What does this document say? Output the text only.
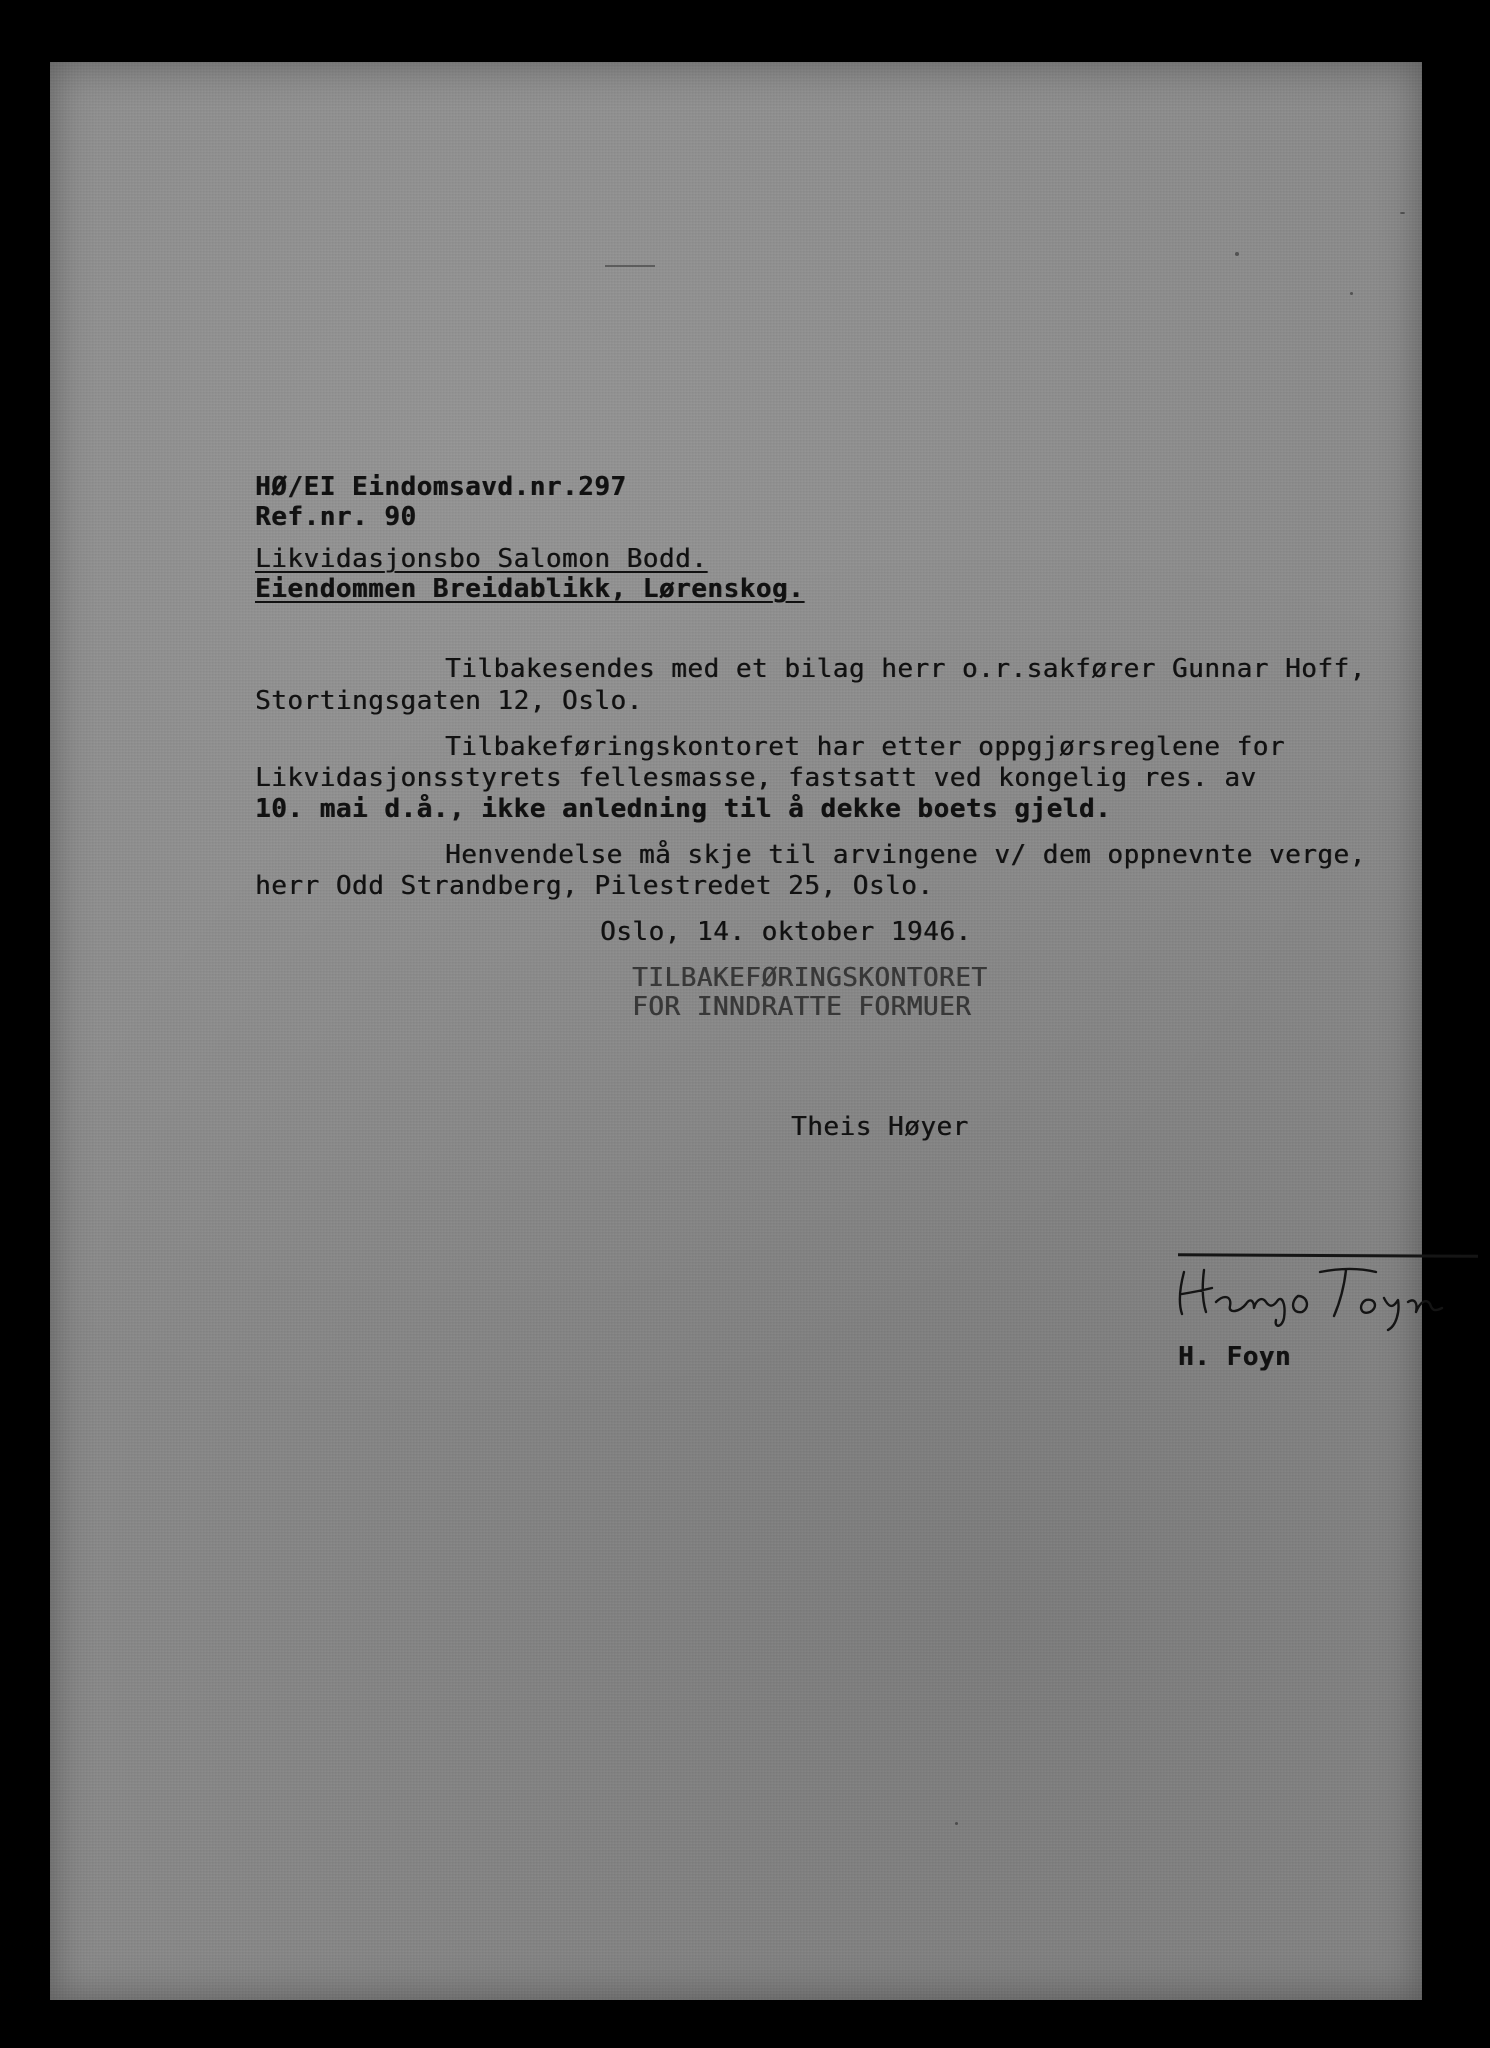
HØ/EI Eindomsavd.nr.297
Ref.nr. 90
Likvidasjonsbo Salomon Bodd.
Eiendommen Breidablikk, Lørenskog.
Tilbakesendes med et bilag herr o.r.sakfører Gunnar Hoff,
Stortingsgaten 12, Oslo.
Tilbakeføringskontoret har etter oppgjørsreglene for
Likvidasjonsstyrets fellesmasse, fastsatt ved kongelig res. av
10. mai d.å., ikke anledning til å dekke boets gjeld.
Henvendelse må skje til arvingene v/ dem oppnevnte verge,
herr Odd Strandberg, Pilestredet 25, Oslo.
Oslo, 14. oktober 1946.
TILBAKEFØRINGSKONTORET
FOR INNDRATTE FORMUER
Theis Høyer
H. Foyn
